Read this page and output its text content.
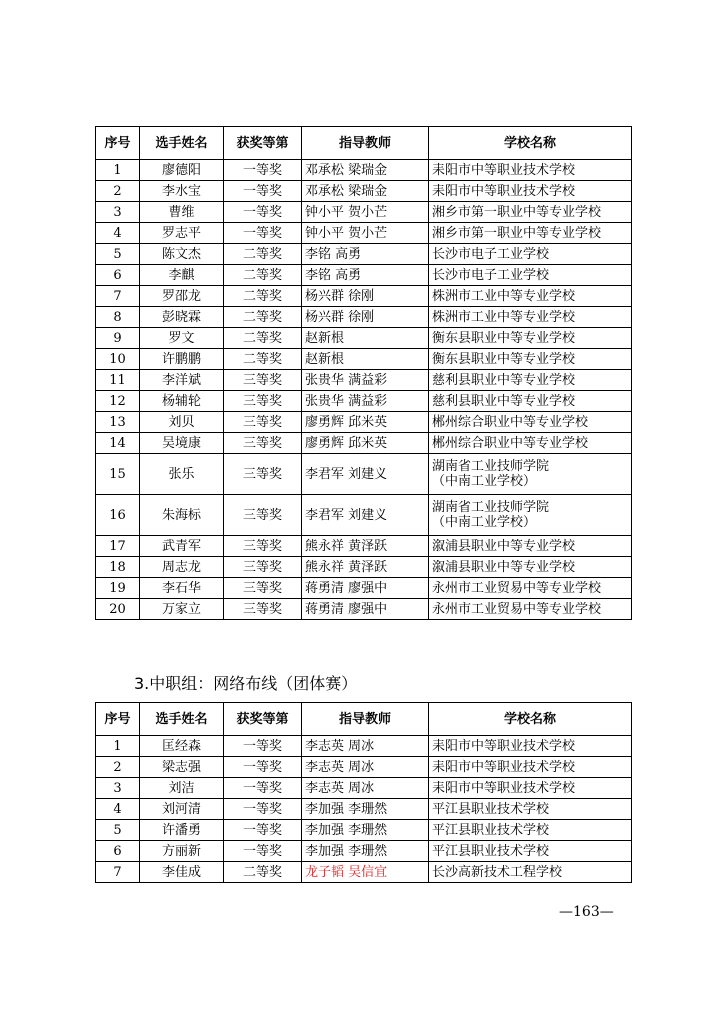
序号	选手姓名	获奖等第	指导教师	学校名称
1	廖德阳	一等奖	邓承松 梁瑞金	耒阳市中等职业技术学校

2	李水宝	一等奖	邓承松 梁瑞金	耒阳市中等职业技术学校

3	曹维	一等奖	钟小平 贺小芒	湘乡市第一职业中等专业学校

4	罗志平	一等奖	钟小平 贺小芒	湘乡市第一职业中等专业学校

5	陈文杰	二等奖	李铭 高勇	长沙市电子工业学校

6	李麒	二等奖	李铭 高勇	长沙市电子工业学校

7	罗邵龙	二等奖	杨兴群 徐刚	株洲市工业中等专业学校

8	彭晓霖	二等奖	杨兴群 徐刚	株洲市工业中等专业学校

9	罗文	二等奖	赵新根	衡东县职业中等专业学校

10	许鹏鹏	二等奖	赵新根	衡东县职业中等专业学校

11	李洋斌	三等奖	张贵华 满益彩	慈利县职业中等专业学校

12	杨辅轮	三等奖	张贵华 满益彩	慈利县职业中等专业学校

13	刘贝	三等奖	廖勇辉 邱米英	郴州综合职业中等专业学校

14	吴境康	三等奖	廖勇辉 邱米英	郴州综合职业中等专业学校

15	张乐	三等奖	李君军 刘建义	湖南省工业技师学院
（中南工业学校）

16	朱海标	三等奖	李君军 刘建义	湖南省工业技师学院
（中南工业学校）

17	武青军	三等奖	熊永祥 黄泽跃	溆浦县职业中等专业学校

18	周志龙	三等奖	熊永祥 黄泽跃	溆浦县职业中等专业学校

19	李石华	三等奖	蒋勇清 廖强中	永州市工业贸易中等专业学校

20	万家立	三等奖	蒋勇清 廖强中	永州市工业贸易中等专业学校
3.中职组：网络布线（团体赛）
序号	选手姓名	获奖等第	指导教师	学校名称
1	匡经森	一等奖	李志英 周冰	耒阳市中等职业技术学校

2	梁志强	一等奖	李志英 周冰	耒阳市中等职业技术学校

3	刘洁	一等奖	李志英 周冰	耒阳市中等职业技术学校

4	刘河清	一等奖	李加强 李珊然	平江县职业技术学校

5	许潘勇	一等奖	李加强 李珊然	平江县职业技术学校

6	方丽新	一等奖	李加强 李珊然	平江县职业技术学校

7	李佳成	二等奖	龙子韬 吴信宜	长沙高新技术工程学校
—163—
